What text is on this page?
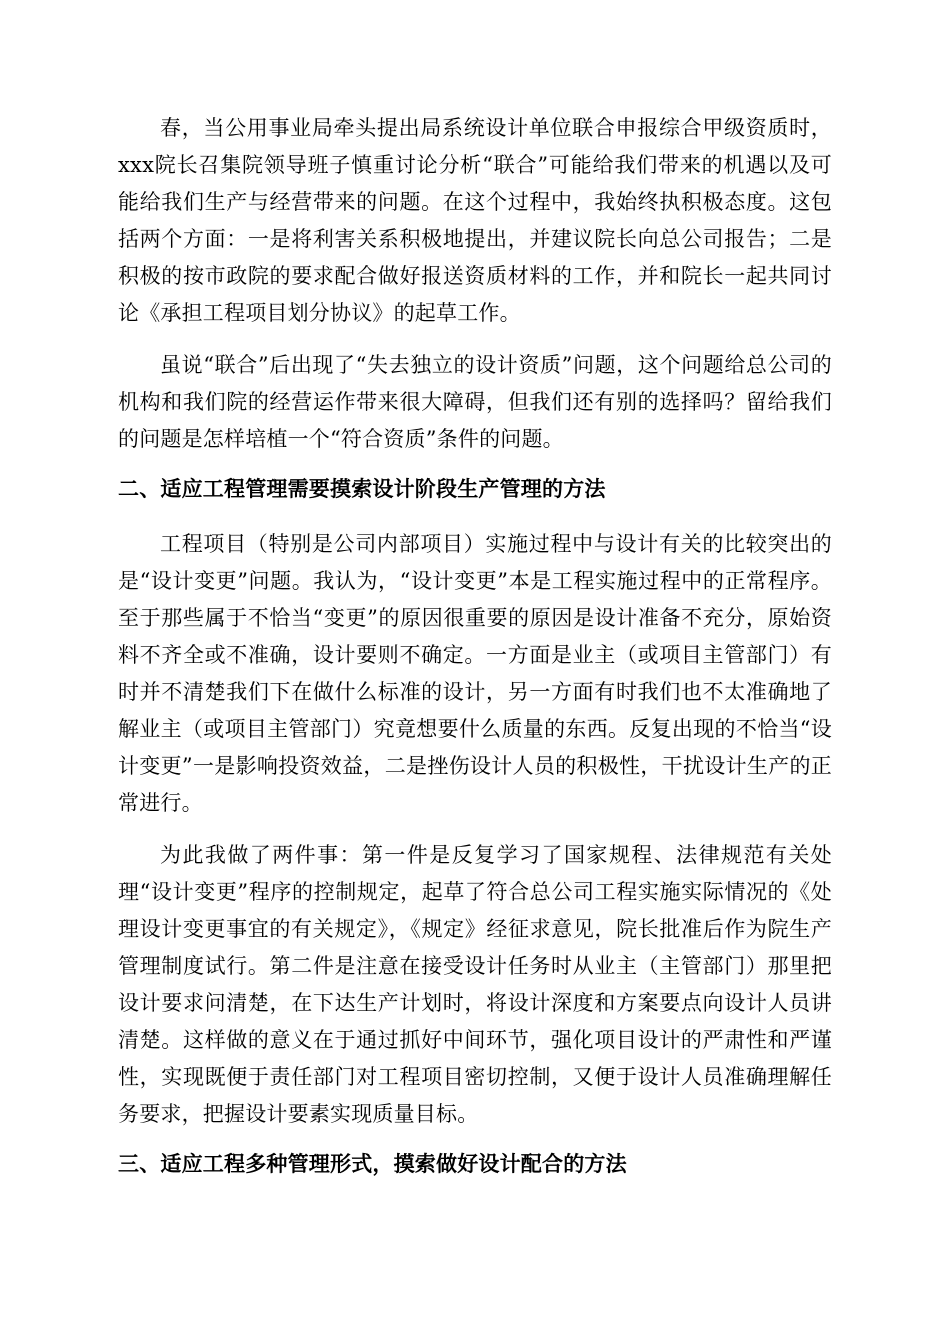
春，当公用事业局牵头提出局系统设计单位联合申报综合甲级资质时，xxx院长召集院领导班子慎重讨论分析“联合”可能给我们带来的机遇以及可能给我们生产与经营带来的问题。在这个过程中，我始终执积极态度。这包括两个方面：一是将利害关系积极地提出，并建议院长向总公司报告；二是积极的按市政院的要求配合做好报送资质材料的工作，并和院长一起共同讨论《承担工程项目划分协议》的起草工作。

虽说“联合”后出现了“失去独立的设计资质”问题，这个问题给总公司的机构和我们院的经营运作带来很大障碍，但我们还有别的选择吗？留给我们的问题是怎样培植一个“符合资质”条件的问题。

二、适应工程管理需要摸索设计阶段生产管理的方法

工程项目（特别是公司内部项目）实施过程中与设计有关的比较突出的是“设计变更”问题。我认为，“设计变更”本是工程实施过程中的正常程序。至于那些属于不恰当“变更”的原因很重要的原因是设计准备不充分，原始资料不齐全或不准确，设计要则不确定。一方面是业主（或项目主管部门）有时并不清楚我们下在做什么标准的设计，另一方面有时我们也不太准确地了解业主（或项目主管部门）究竟想要什么质量的东西。反复出现的不恰当“设计变更”一是影响投资效益，二是挫伤设计人员的积极性，干扰设计生产的正常进行。

为此我做了两件事：第一件是反复学习了国家规程、法律规范有关处理“设计变更”程序的控制规定，起草了符合总公司工程实施实际情况的《处理设计变更事宜的有关规定》，《规定》经征求意见，院长批准后作为院生产管理制度试行。第二件是注意在接受设计任务时从业主（主管部门）那里把设计要求问清楚，在下达生产计划时，将设计深度和方案要点向设计人员讲清楚。这样做的意义在于通过抓好中间环节，强化项目设计的严肃性和严谨性，实现既便于责任部门对工程项目密切控制，又便于设计人员准确理解任务要求，把握设计要素实现质量目标。

三、适应工程多种管理形式，摸索做好设计配合的方法
